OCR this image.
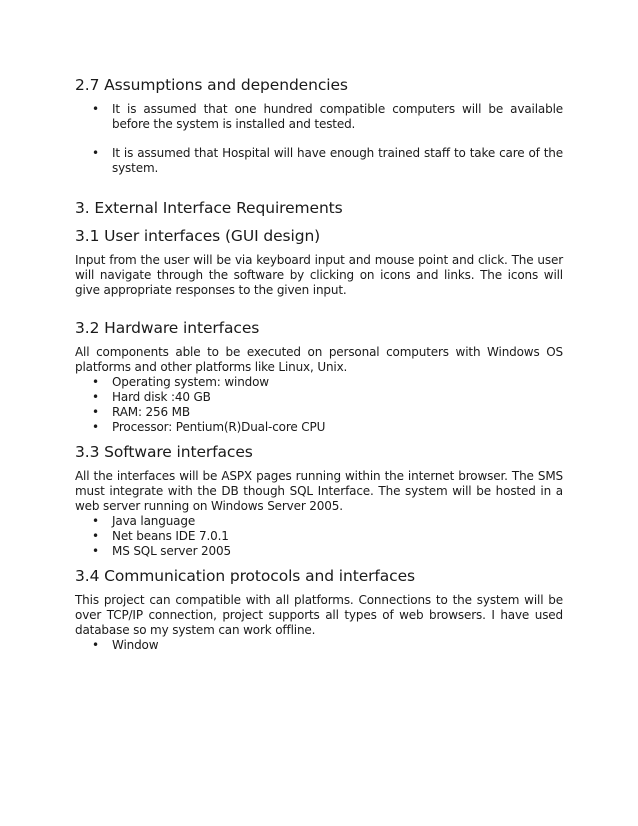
2.7 Assumptions and dependencies
• It is assumed that one hundred compatible computers will be available before the system is installed and tested.
• It is assumed that Hospital will have enough trained staff to take care of the system.
3. External Interface Requirements
3.1 User interfaces (GUI design)

Input from the user will be via keyboard input and mouse point and click. The user will navigate through the software by clicking on icons and links. The icons will give appropriate responses to the given input.

3.2 Hardware interfaces

All components able to be executed on personal computers with Windows OS platforms and other platforms like Linux, Unix.

• Operating system: window
• Hard disk :40 GB
• RAM: 256 MB
• Processor: Pentium(R)Dual-core CPU
3.3 Software interfaces

All the interfaces will be ASPX pages running within the internet browser. The SMS must integrate with the DB though SQL Interface. The system will be hosted in a web server running on Windows Server 2005.

• Java language
• Net beans IDE 7.0.1
• MS SQL server 2005
3.4 Communication protocols and interfaces

This project can compatible with all platforms. Connections to the system will be over TCP/IP connection, project supports all types of web browsers. I have used database so my system can work offline.

• Window
